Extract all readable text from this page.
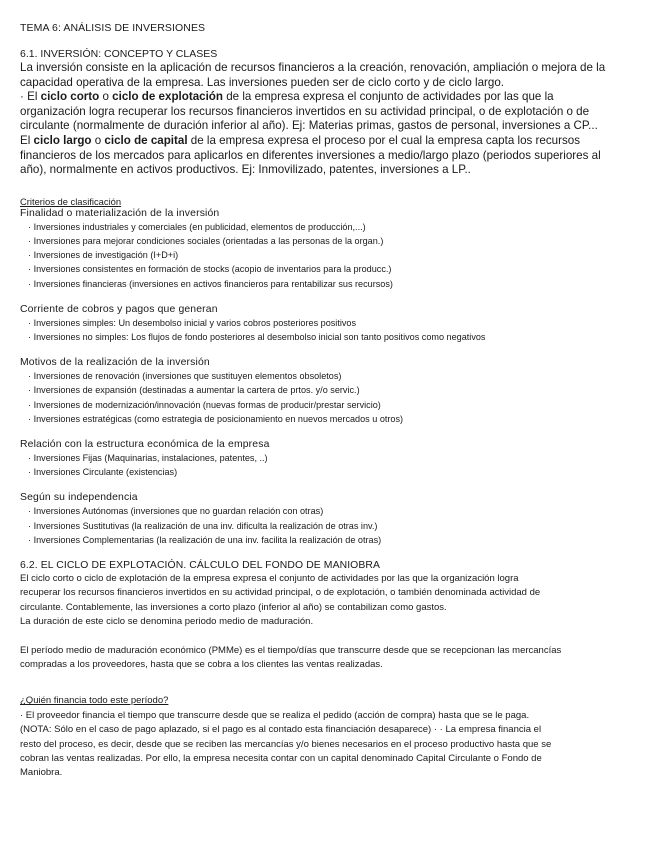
TEMA 6: ANÁLISIS DE INVERSIONES
6.1. INVERSIÓN: CONCEPTO Y CLASES

La inversión consiste en la aplicación de recursos financieros a la creación, renovación, ampliación o mejora de la
capacidad operativa de la empresa. Las inversiones pueden ser de ciclo corto y de ciclo largo.
· El ciclo corto o ciclo de explotación de la empresa expresa el conjunto de actividades por las que la
organización logra recuperar los recursos financieros invertidos en su actividad principal, o de explotación o de
circulante (normalmente de duración inferior al año). Ej: Materias primas, gastos de personal, inversiones a CP...
El ciclo largo o ciclo de capital de la empresa expresa el proceso por el cual la empresa capta los recursos
financieros de los mercados para aplicarlos en diferentes inversiones a medio/largo plazo (periodos superiores al
año), normalmente en activos productivos. Ej: Inmovilizado, patentes, inversiones a LP..

Criterios de clasificación
Finalidad o materialización de la inversión
· Inversiones industriales y comerciales (en publicidad, elementos de producción,...)
· Inversiones para mejorar condiciones sociales (orientadas a las personas de la organ.)
· Inversiones de investigación (I+D+i)
· Inversiones consistentes en formación de stocks (acopio de inventarios para la producc.)
· Inversiones financieras (inversiones en activos financieros para rentabilizar sus recursos)
Corriente de cobros y pagos que generan
· Inversiones simples: Un desembolso inicial y varios cobros posteriores positivos
· Inversiones no simples: Los flujos de fondo posteriores al desembolso inicial son tanto positivos como negativos
Motivos de la realización de la inversión
· Inversiones de renovación (inversiones que sustituyen elementos obsoletos)
· Inversiones de expansión (destinadas a aumentar la cartera de prtos. y/o servic.)
· Inversiones de modernización/innovación (nuevas formas de producir/prestar servicio)
· Inversiones estratégicas (como estrategia de posicionamiento en nuevos mercados u otros)
Relación con la estructura económica de la empresa
· Inversiones Fijas (Maquinarias, instalaciones, patentes, ..)
· Inversiones Circulante (existencias)
Según su independencia
· Inversiones Autónomas (inversiones que no guardan relación con otras)
· Inversiones Sustitutivas (la realización de una inv. dificulta la realización de otras inv.)
· Inversiones Complementarias (la realización de una inv. facilita la realización de otras)
6.2. EL CICLO DE EXPLOTACIÓN. CÁLCULO DEL FONDO DE MANIOBRA

El ciclo corto o ciclo de explotación de la empresa expresa el conjunto de actividades por las que la organización logra
recuperar los recursos financieros invertidos en su actividad principal, o de explotación, o también denominada actividad de
circulante. Contablemente, las inversiones a corto plazo (inferior al año) se contabilizan como gastos.
La duración de este ciclo se denomina periodo medio de maduración.

El período medio de maduración económico (PMMe) es el tiempo/días que transcurre desde que se recepcionan las mercancías
compradas a los proveedores, hasta que se cobra a los clientes las ventas realizadas.

¿Quién financia todo este período?

· El proveedor financia el tiempo que transcurre desde que se realiza el pedido (acción de compra) hasta que se le paga.
(NOTA: Sólo en el caso de pago aplazado, si el pago es al contado esta financiación desaparece) · · La empresa financia el
resto del proceso, es decir, desde que se reciben las mercancías y/o bienes necesarios en el proceso productivo hasta que se
cobran las ventas realizadas. Por ello, la empresa necesita contar con un capital denominado Capital Circulante o Fondo de
Maniobra.
